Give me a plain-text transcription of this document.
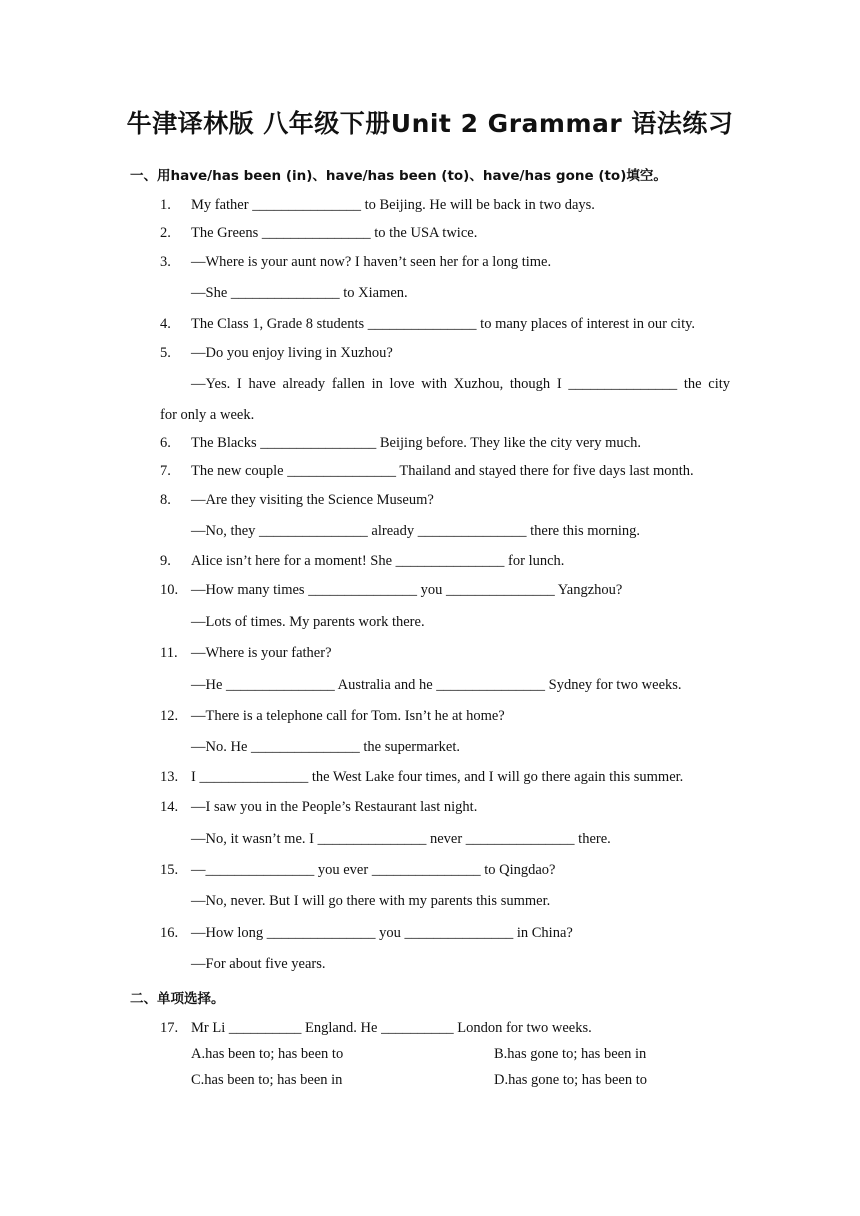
牛津译林版 八年级下册Unit 2 Grammar 语法练习
一、用have/has been (in)、have/has been (to)、have/has gone (to)填空。
1. My father _______________ to Beijing. He will be back in two days.
2. The Greens _______________ to the USA twice.
3. —Where is your aunt now? I haven’t seen her for a long time.
—She _______________ to Xiamen.
4. The Class 1, Grade 8 students _______________ to many places of interest in our city.
5. —Do you enjoy living in Xuzhou?
—Yes. I have already fallen in love with Xuzhou, though I _______________ the city
for only a week.
6. The Blacks ________________ Beijing before. They like the city very much.
7. The new couple _______________ Thailand and stayed there for five days last month.
8. —Are they visiting the Science Museum?
—No, they _______________ already _______________ there this morning.
9. Alice isn’t here for a moment! She _______________ for lunch.
10. —How many times _______________ you _______________ Yangzhou?
—Lots of times. My parents work there.
11. —Where is your father?
—He _______________ Australia and he _______________ Sydney for two weeks.
12. —There is a telephone call for Tom. Isn’t he at home?
—No. He _______________ the supermarket.
13. I _______________ the West Lake four times, and I will go there again this summer.
14. —I saw you in the People’s Restaurant last night.
—No, it wasn’t me. I _______________ never _______________ there.
15. —_______________ you ever _______________ to Qingdao?
—No, never. But I will go there with my parents this summer.
16. —How long _______________ you _______________ in China?
—For about five years.
二、单项选择。
17. Mr Li __________ England. He __________ London for two weeks.
A.has been to; has been to	B.has gone to; has been in
C.has been to; has been in	D.has gone to; has been to
